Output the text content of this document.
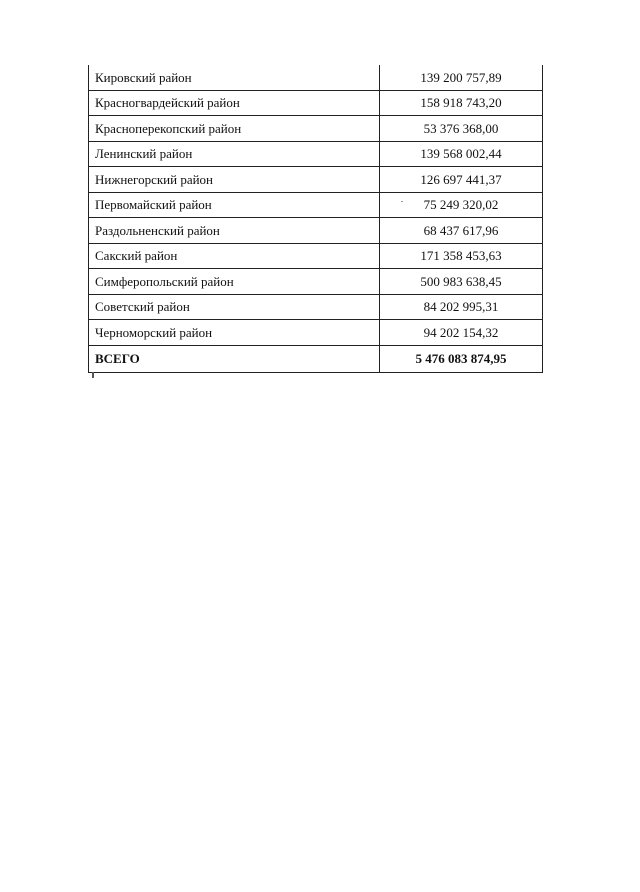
Кировский район	139 200 757,89
Красногвардейский район	158 918 743,20
Красноперекопский район	53 376 368,00
Ленинский район	139 568 002,44
Нижнегорский район	126 697 441,37
Первомайский район	75 249 320,02
Раздольненский район	68 437 617,96
Сакский район	171 358 453,63
Симферопольский район	500 983 638,45
Советский район	84 202 995,31
Черноморский район	94 202 154,32
ВСЕГО	5 476 083 874,95
